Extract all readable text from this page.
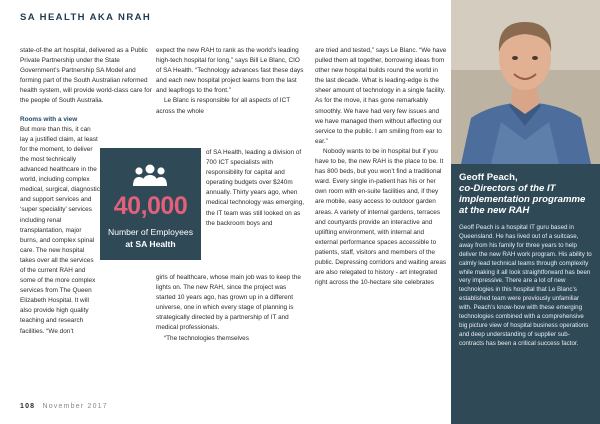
SA HEALTH AKA NRAH

state-of-the art hospital, delivered as a Public Private Partnership under the State Government’s Partnership SA Model and forming part of the South Australian reformed health system, will provide world-class care for the people of South Australia.

Rooms with a view

But more than this, it can lay a justified claim, at least for the moment, to deliver the most technically advanced healthcare in the world, including complex medical, surgical, diagnostic and support services and ‘super speciality’ services including renal transplantation, major burns, and complex spinal care. The new hospital takes over all the services of the current RAH and some of the more complex services from The Queen Elizabeth Hospital. It will also provide high quality teaching and research facilities. “We don’t

expect the new RAH to rank as the world’s leading high-tech hospital for long,” says Bill Le Blanc, CIO of SA Health. “Technology advances fast these days and each new hospital project learns from the last and leapfrogs to the front.”

Le Blanc is responsible for all aspects of ICT across the whole

40,000
Number of Employees
at SA Health

of SA Health, leading a division of 700 ICT specialists with responsibility for capital and operating budgets over $240m annually. Thirty years ago, when medical technology was emerging, the IT team was still looked on as the backroom boys and

girls of healthcare, whose main job was to keep the lights on. The new RAH, since the project was started 10 years ago, has grown up in a different universe, one in which every stage of planning is strategically directed by a partnership of IT and medical professionals.

“The technologies themselves

are tried and tested,” says Le Blanc. “We have pulled them all together, borrowing ideas from other new hospital builds round the world in the last decade. What is leading-edge is the sheer amount of technology in a single facility. As for the move, it has gone remarkably smoothly. We have had very few issues and we have managed them without affecting our service to the public. I am smiling from ear to ear.”

Nobody wants to be in hospital but if you have to be, the new RAH is the place to be. It has 800 beds, but you won’t find a traditional ward. Every single in-patient has his or her own room with en-suite facilities and, if they are mobile, easy access to outdoor garden areas. A variety of internal gardens, terraces and courtyards provide an interactive and uplifting environment, with internal and external performance spaces accessible to patients, staff, visitors and members of the public. Depressing corridors and waiting areas are also relegated to history - art integrated right across the 10-hectare site celebrates

Geoff Peach,
co-Directors of the IT implementation programme at the new RAH
Geoff Peach is a hospital IT guru based in Queensland. He has lived out of a suitcase, away from his family for three years to help deliver the new RAH work program. His ability to calmly lead technical teams through complexity while making it all look straightforward has been very impressive. There are a lot of new technologies in this hospital that Le Blanc’s established team were previously unfamiliar with. Peach’s know-how with these emerging technologies combined with a comprehensive big picture view of hospital business operations and deep understanding of supplier sub-contracts has been a critical success factor.
108 November 2017
